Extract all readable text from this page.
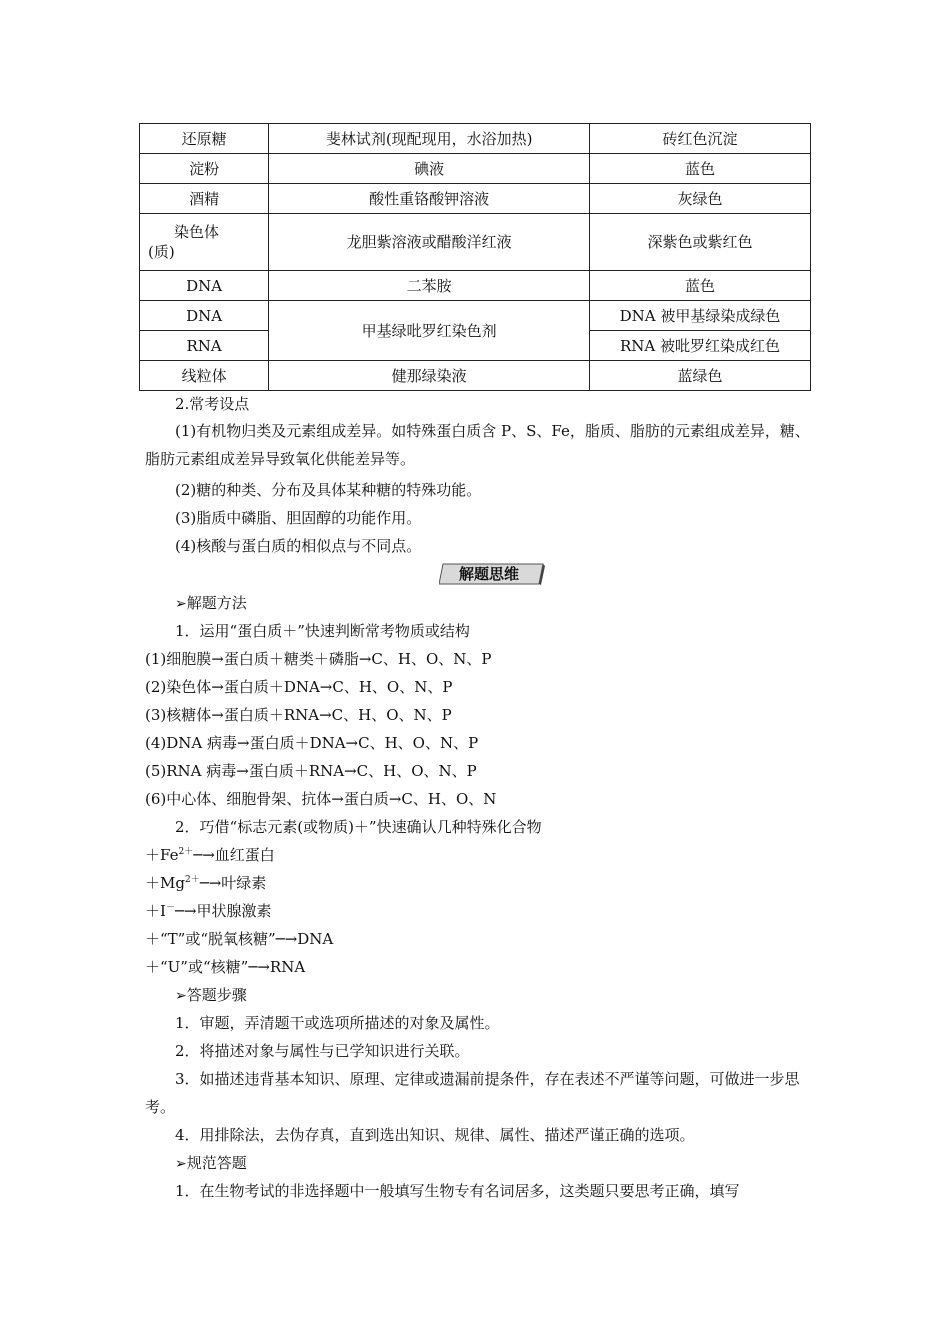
还原糖	斐林试剂(现配现用，水浴加热)	砖红色沉淀
淀粉	碘液	蓝色
酒精	酸性重铬酸钾溶液	灰绿色

染色体
(质)	龙胆紫溶液或醋酸洋红液	深紫色或紫红色
DNA	二苯胺	蓝色
DNA	甲基绿吡罗红染色剂	DNA 被甲基绿染成绿色
RNA		RNA 被吡罗红染成红色
线粒体	健那绿染液	蓝绿色
2.常考设点
(1)有机物归类及元素组成差异。如特殊蛋白质含 P、S、Fe，脂质、脂肪的元素组成差异，糖、脂肪元素组成差异导致氧化供能差异等。
(2)糖的种类、分布及具体某种糖的特殊功能。
(3)脂质中磷脂、胆固醇的功能作用。
(4)核酸与蛋白质的相似点与不同点。
解题思维
➢解题方法
1．运用“蛋白质＋”快速判断常考物质或结构
(1)细胞膜→蛋白质＋糖类＋磷脂→C、H、O、N、P
(2)染色体→蛋白质＋DNA→C、H、O、N、P
(3)核糖体→蛋白质＋RNA→C、H、O、N、P
(4)DNA 病毒→蛋白质＋DNA→C、H、O、N、P
(5)RNA 病毒→蛋白质＋RNA→C、H、O、N、P
(6)中心体、细胞骨架、抗体→蛋白质→C、H、O、N
2．巧借“标志元素(或物质)＋”快速确认几种特殊化合物
$+Fe^{2+}─\to$血红蛋白
$+Mg^{2+}─\to$叶绿素
＋I－─→甲状腺激素
＋“T”或“脱氧核糖”─→DNA
＋“U”或“核糖”─→RNA
➢答题步骤
1．审题，弄清题干或选项所描述的对象及属性。
2．将描述对象与属性与已学知识进行关联。
3．如描述违背基本知识、原理、定律或遗漏前提条件，存在表述不严谨等问题，可做进一步思考。
4．用排除法，去伪存真，直到选出知识、规律、属性、描述严谨正确的选项。
➢规范答题
1．在生物考试的非选择题中一般填写生物专有名词居多，这类题只要思考正确，填写
